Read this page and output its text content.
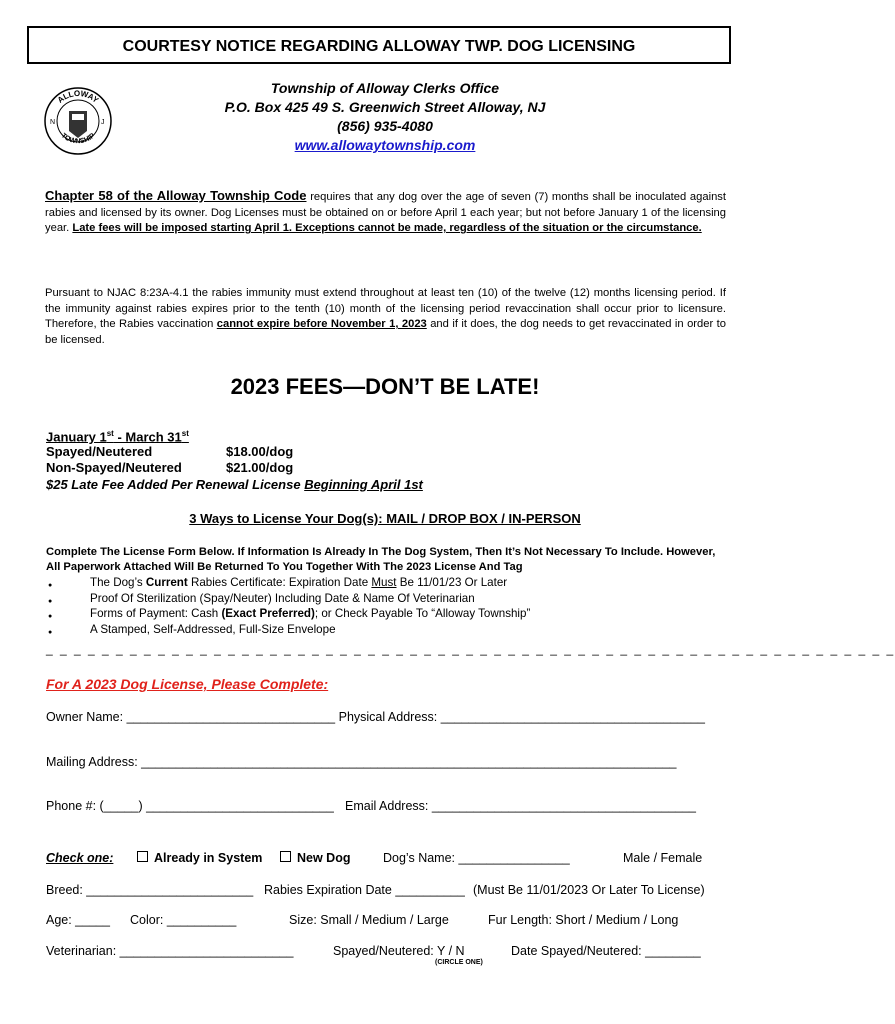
COURTESY NOTICE REGARDING ALLOWAY TWP. DOG LICENSING
ALLOWAY
TOWNSHIP
N	J
Township of Alloway Clerks Office
P.O. Box 425 49 S. Greenwich Street Alloway, NJ
(856) 935-4080
www.allowaytownship.com
Chapter 58 of the Alloway Township Code requires that any dog over the age of seven (7) months shall be inoculated against rabies and licensed by its owner. Dog Licenses must be obtained on or before April 1 each year; but not before January 1 of the licensing year. Late fees will be imposed starting April 1. Exceptions cannot be made, regardless of the situation or the circumstance.
Pursuant to NJAC 8:23A-4.1 the rabies immunity must extend throughout at least ten (10) of the twelve (12) months licensing period. If the immunity against rabies expires prior to the tenth (10) month of the licensing period revaccination shall occur prior to licensure. Therefore, the Rabies vaccination cannot expire before November 1, 2023 and if it does, the dog needs to get revaccinated in order to be licensed.
2023 FEES—DON’T BE LATE!
January 1st - March 31st
Spayed/Neutered	$18.00/dog
Non-Spayed/Neutered	$21.00/dog
$25 Late Fee Added Per Renewal License Beginning April 1st
3 Ways to License Your Dog(s): MAIL / DROP BOX / IN-PERSON
Complete The License Form Below. If Information Is Already In The Dog System, Then It’s Not Necessary To Include. However, All Paperwork Attached Will Be Returned To You Together With The 2023 License And Tag
● The Dog’s Current Rabies Certificate: Expiration Date Must Be 11/01/23 Or Later
● Proof Of Sterilization (Spay/Neuter) Including Date & Name Of Veterinarian
● Forms of Payment: Cash (Exact Preferred); or Check Payable To “Alloway Township”
● A Stamped, Self-Addressed, Full-Size Envelope
_ _ _ _ _ _ _ _ _ _ _ _ _ _ _ _ _ _ _ _ _ _ _ _ _ _ _ _ _ _ _ _ _ _ _ _ _ _ _ _ _ _ _ _ _ _ _ _ _ _ _ _ _ _ _ _ _ _ _ _ _
For A 2023 Dog License, Please Complete:
Owner Name: ______________________________ Physical Address: ______________________________________
Mailing Address: _____________________________________________________________________________
Phone #: (_____) ___________________________ Email Address: ______________________________________
Check one:	Already in System	New Dog	Dog’s Name: ________________	Male / Female
Breed: ________________________ Rabies Expiration Date __________ (Must Be 11/01/2023 Or Later To License)
Age: _____ Color: __________	Size: Small / Medium / Large	Fur Length: Short / Medium / Long
Veterinarian: _________________________	Spayed/Neutered: Y / N
(CIRCLE ONE)
Date Spayed/Neutered: ________
